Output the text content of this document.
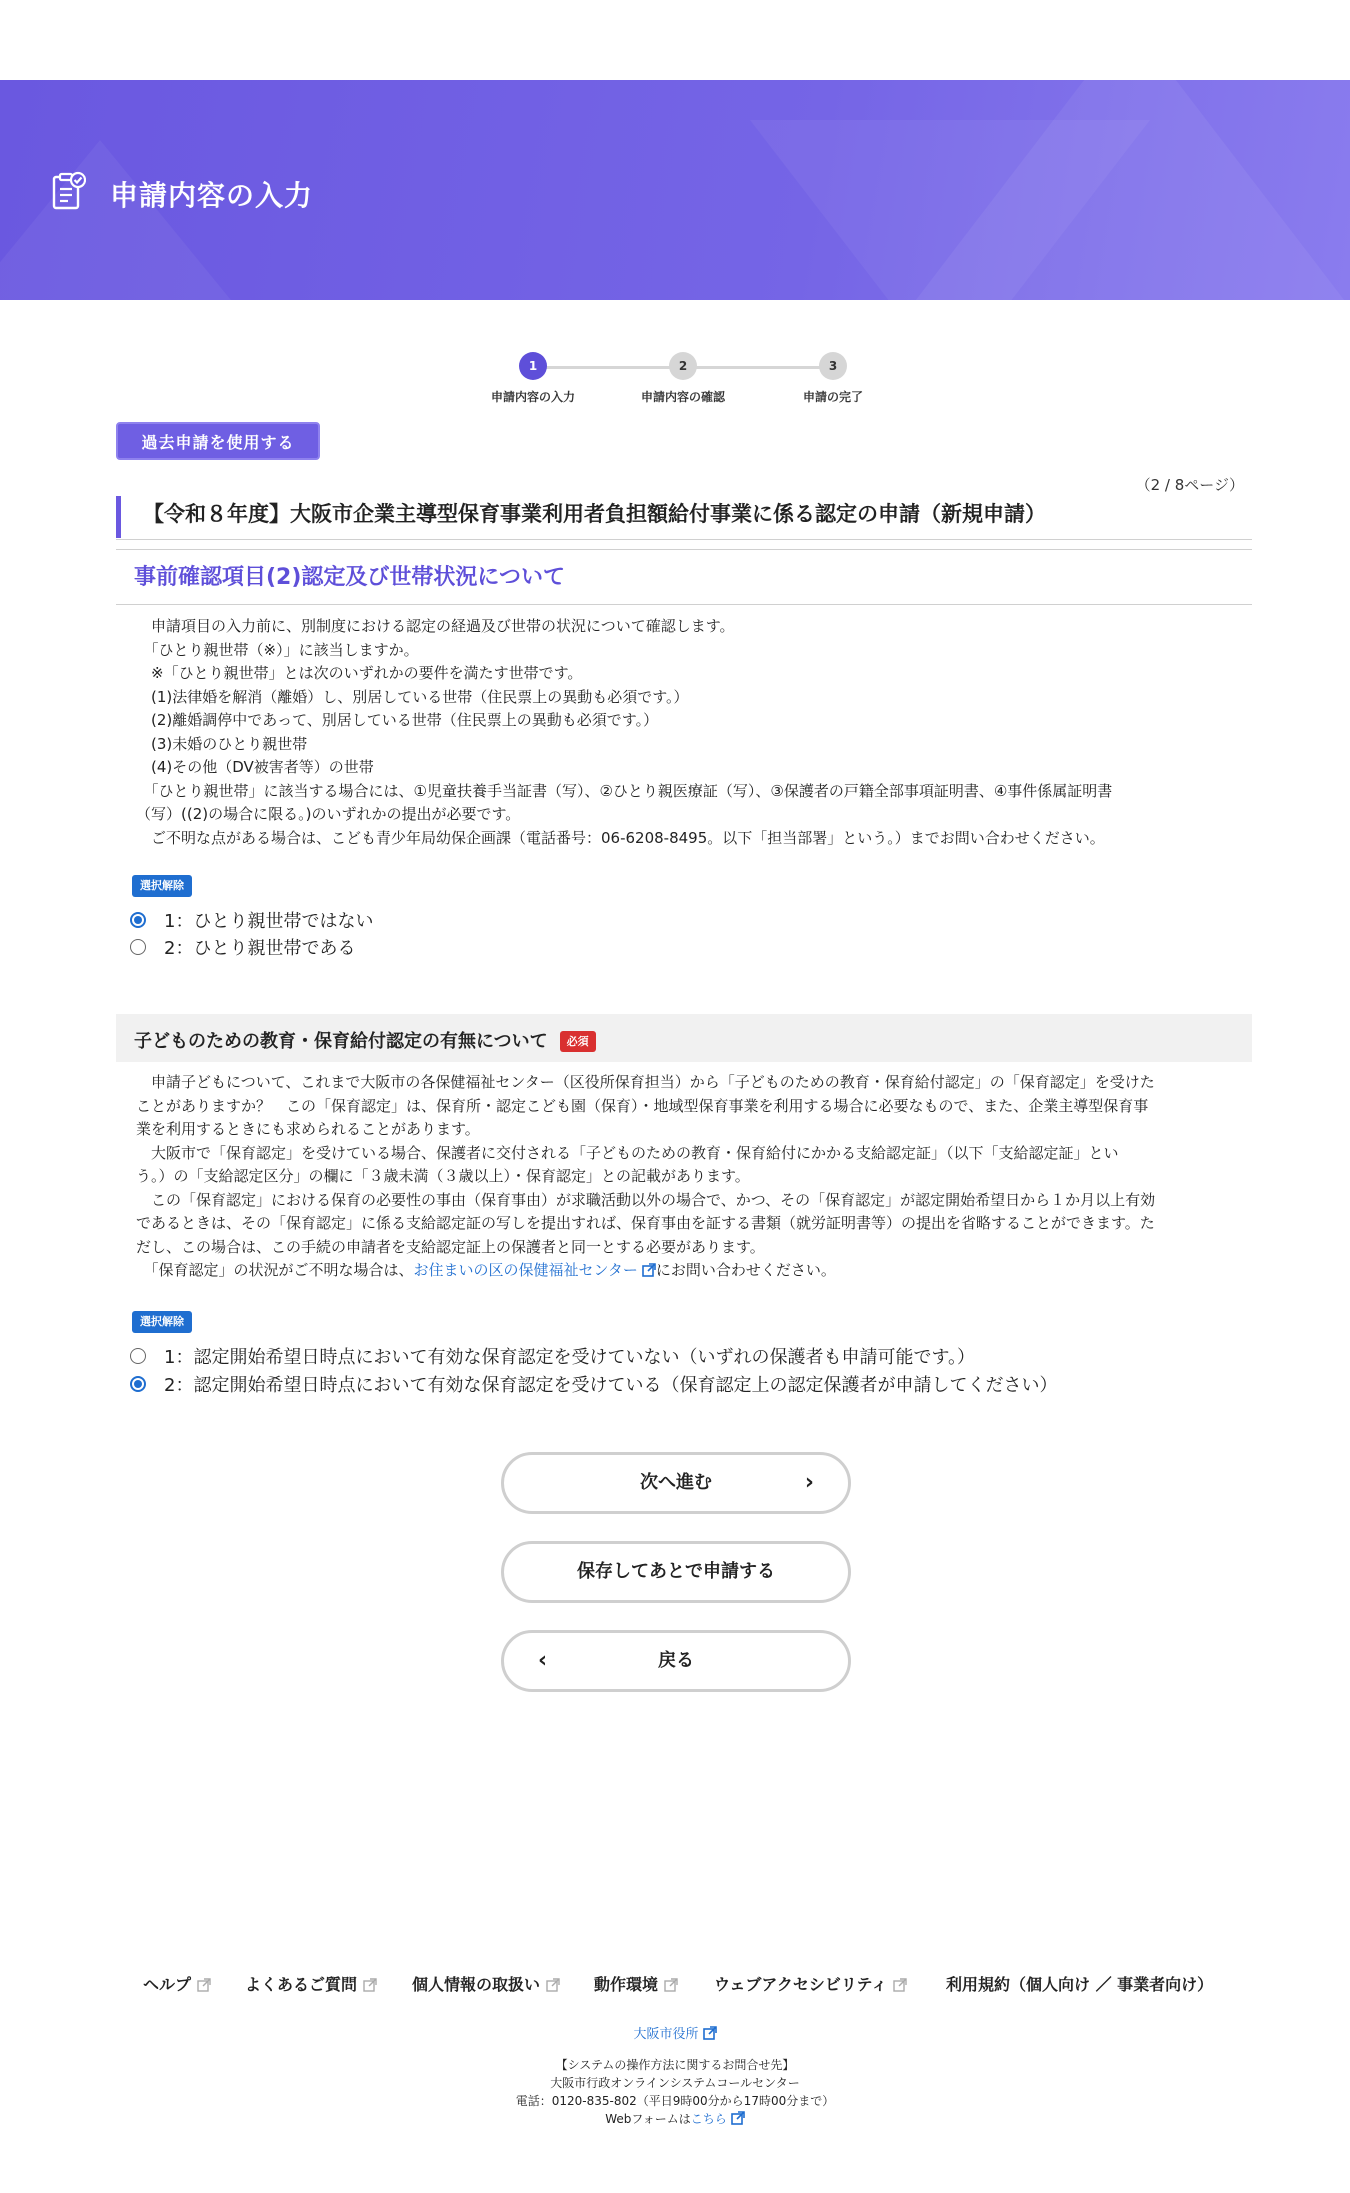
申請内容の入力
1
申請内容の入力
2
申請内容の確認
3
申請の完了
過去申請を使用する
（2 / 8ページ）
【令和８年度】大阪市企業主導型保育事業利用者負担額給付事業に係る認定の申請（新規申請）
事前確認項目(2)認定及び世帯状況について
　申請項目の入力前に、別制度における認定の経過及び世帯の状況について確認します。
　「ひとり親世帯（※）」に該当しますか。
　※「ひとり親世帯」とは次のいずれかの要件を満たす世帯です。
　(1)法律婚を解消（離婚）し、別居している世帯（住民票上の異動も必須です。）
　(2)離婚調停中であって、別居している世帯（住民票上の異動も必須です。）
　(3)未婚のひとり親世帯
　(4)その他（DV被害者等）の世帯
　「ひとり親世帯」に該当する場合には、①児童扶養手当証書（写）、②ひとり親医療証（写）、③保護者の戸籍全部事項証明書、④事件係属証明書
（写）((2)の場合に限る。)のいずれかの提出が必要です。
　ご不明な点がある場合は、こども青少年局幼保企画課（電話番号：06-6208-8495。以下「担当部署」という。）までお問い合わせください。
選択解除
1：ひとり親世帯ではない
2：ひとり親世帯である
子どものための教育・保育給付認定の有無について 必須
　申請子どもについて、これまで大阪市の各保健福祉センター（区役所保育担当）から「子どものための教育・保育給付認定」の「保育認定」を受けた
ことがありますか？　この「保育認定」は、保育所・認定こども園（保育）・地域型保育事業を利用する場合に必要なもので、また、企業主導型保育事
業を利用するときにも求められることがあります。
　大阪市で「保育認定」を受けている場合、保護者に交付される「子どものための教育・保育給付にかかる支給認定証」（以下「支給認定証」とい
う。）の「支給認定区分」の欄に「３歳未満（３歳以上）・保育認定」との記載があります。
　この「保育認定」における保育の必要性の事由（保育事由）が求職活動以外の場合で、かつ、その「保育認定」が認定開始希望日から１か月以上有効
であるときは、その「保育認定」に係る支給認定証の写しを提出すれば、保育事由を証する書類（就労証明書等）の提出を省略することができます。た
だし、この場合は、この手続の申請者を支給認定証上の保護者と同一とする必要があります。
　「保育認定」の状況がご不明な場合は、お住まいの区の保健福祉センター にお問い合わせください。
選択解除
1：認定開始希望日時点において有効な保育認定を受けていない（いずれの保護者も申請可能です。）
2：認定開始希望日時点において有効な保育認定を受けている（保育認定上の認定保護者が申請してください）
次へ進む	›
保存してあとで申請する
‹	戻る
ヘルプ	よくあるご質問	個人情報の取扱い	動作環境	ウェブアクセシビリティ	利用規約（個人向け ／ 事業者向け）
大阪市役所
【システムの操作方法に関するお問合せ先】
大阪市行政オンラインシステムコールセンター
電話：0120-835-802（平日9時00分から17時00分まで）
Webフォームはこちら
